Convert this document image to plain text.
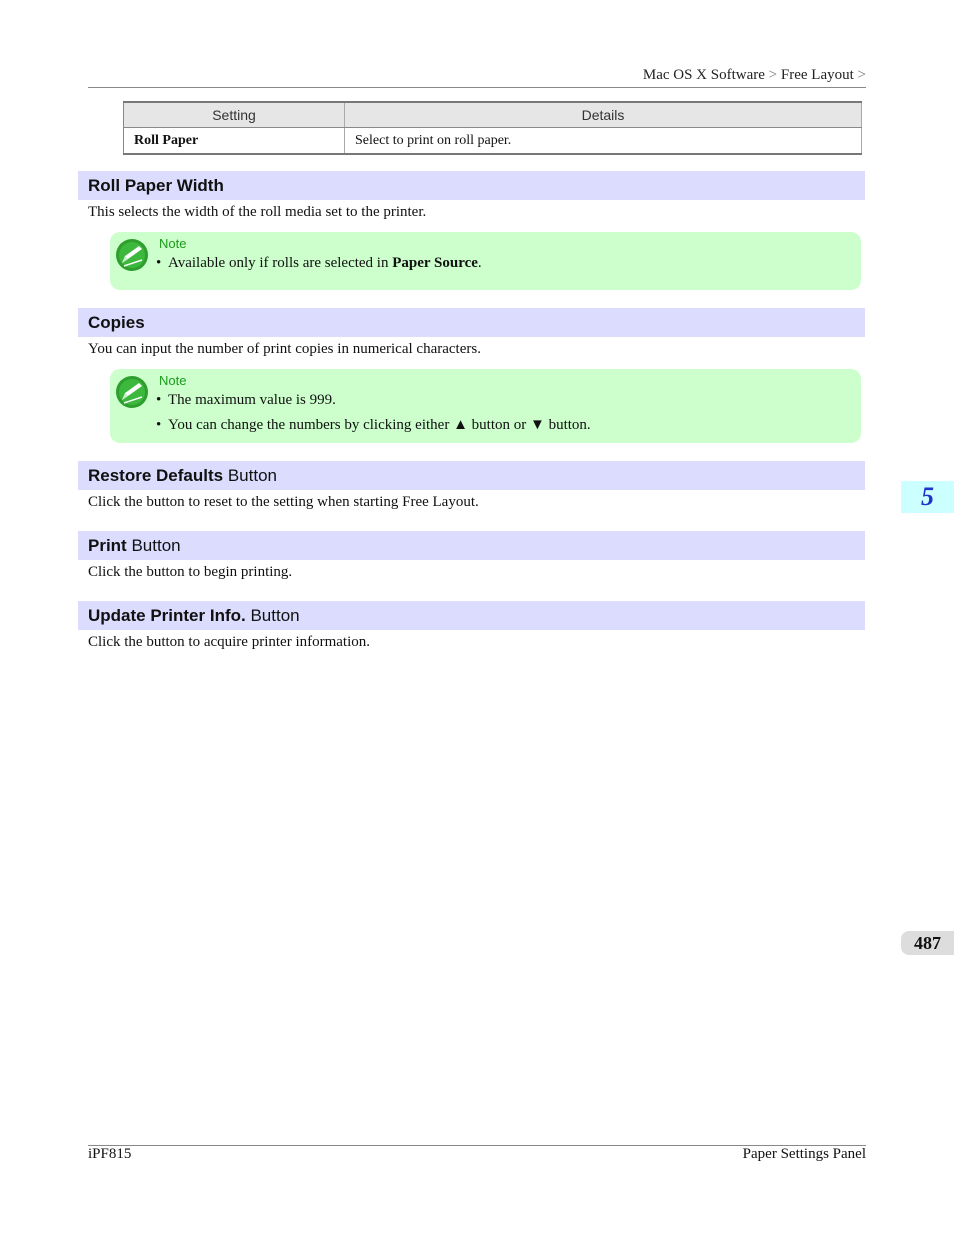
Mac OS X Software > Free Layout >
Setting	Details
Roll Paper	Select to print on roll paper.
Roll Paper Width
This selects the width of the roll media set to the printer.
Note
• Available only if rolls are selected in Paper Source.
Copies
You can input the number of print copies in numerical characters.
Note
• The maximum value is 999.
• You can change the numbers by clicking either ▲ button or ▼ button.
Restore Defaults Button
Click the button to reset to the setting when starting Free Layout.
Print Button
Click the button to begin printing.
Update Printer Info. Button
Click the button to acquire printer information.
5
487
iPF815	Paper Settings Panel
